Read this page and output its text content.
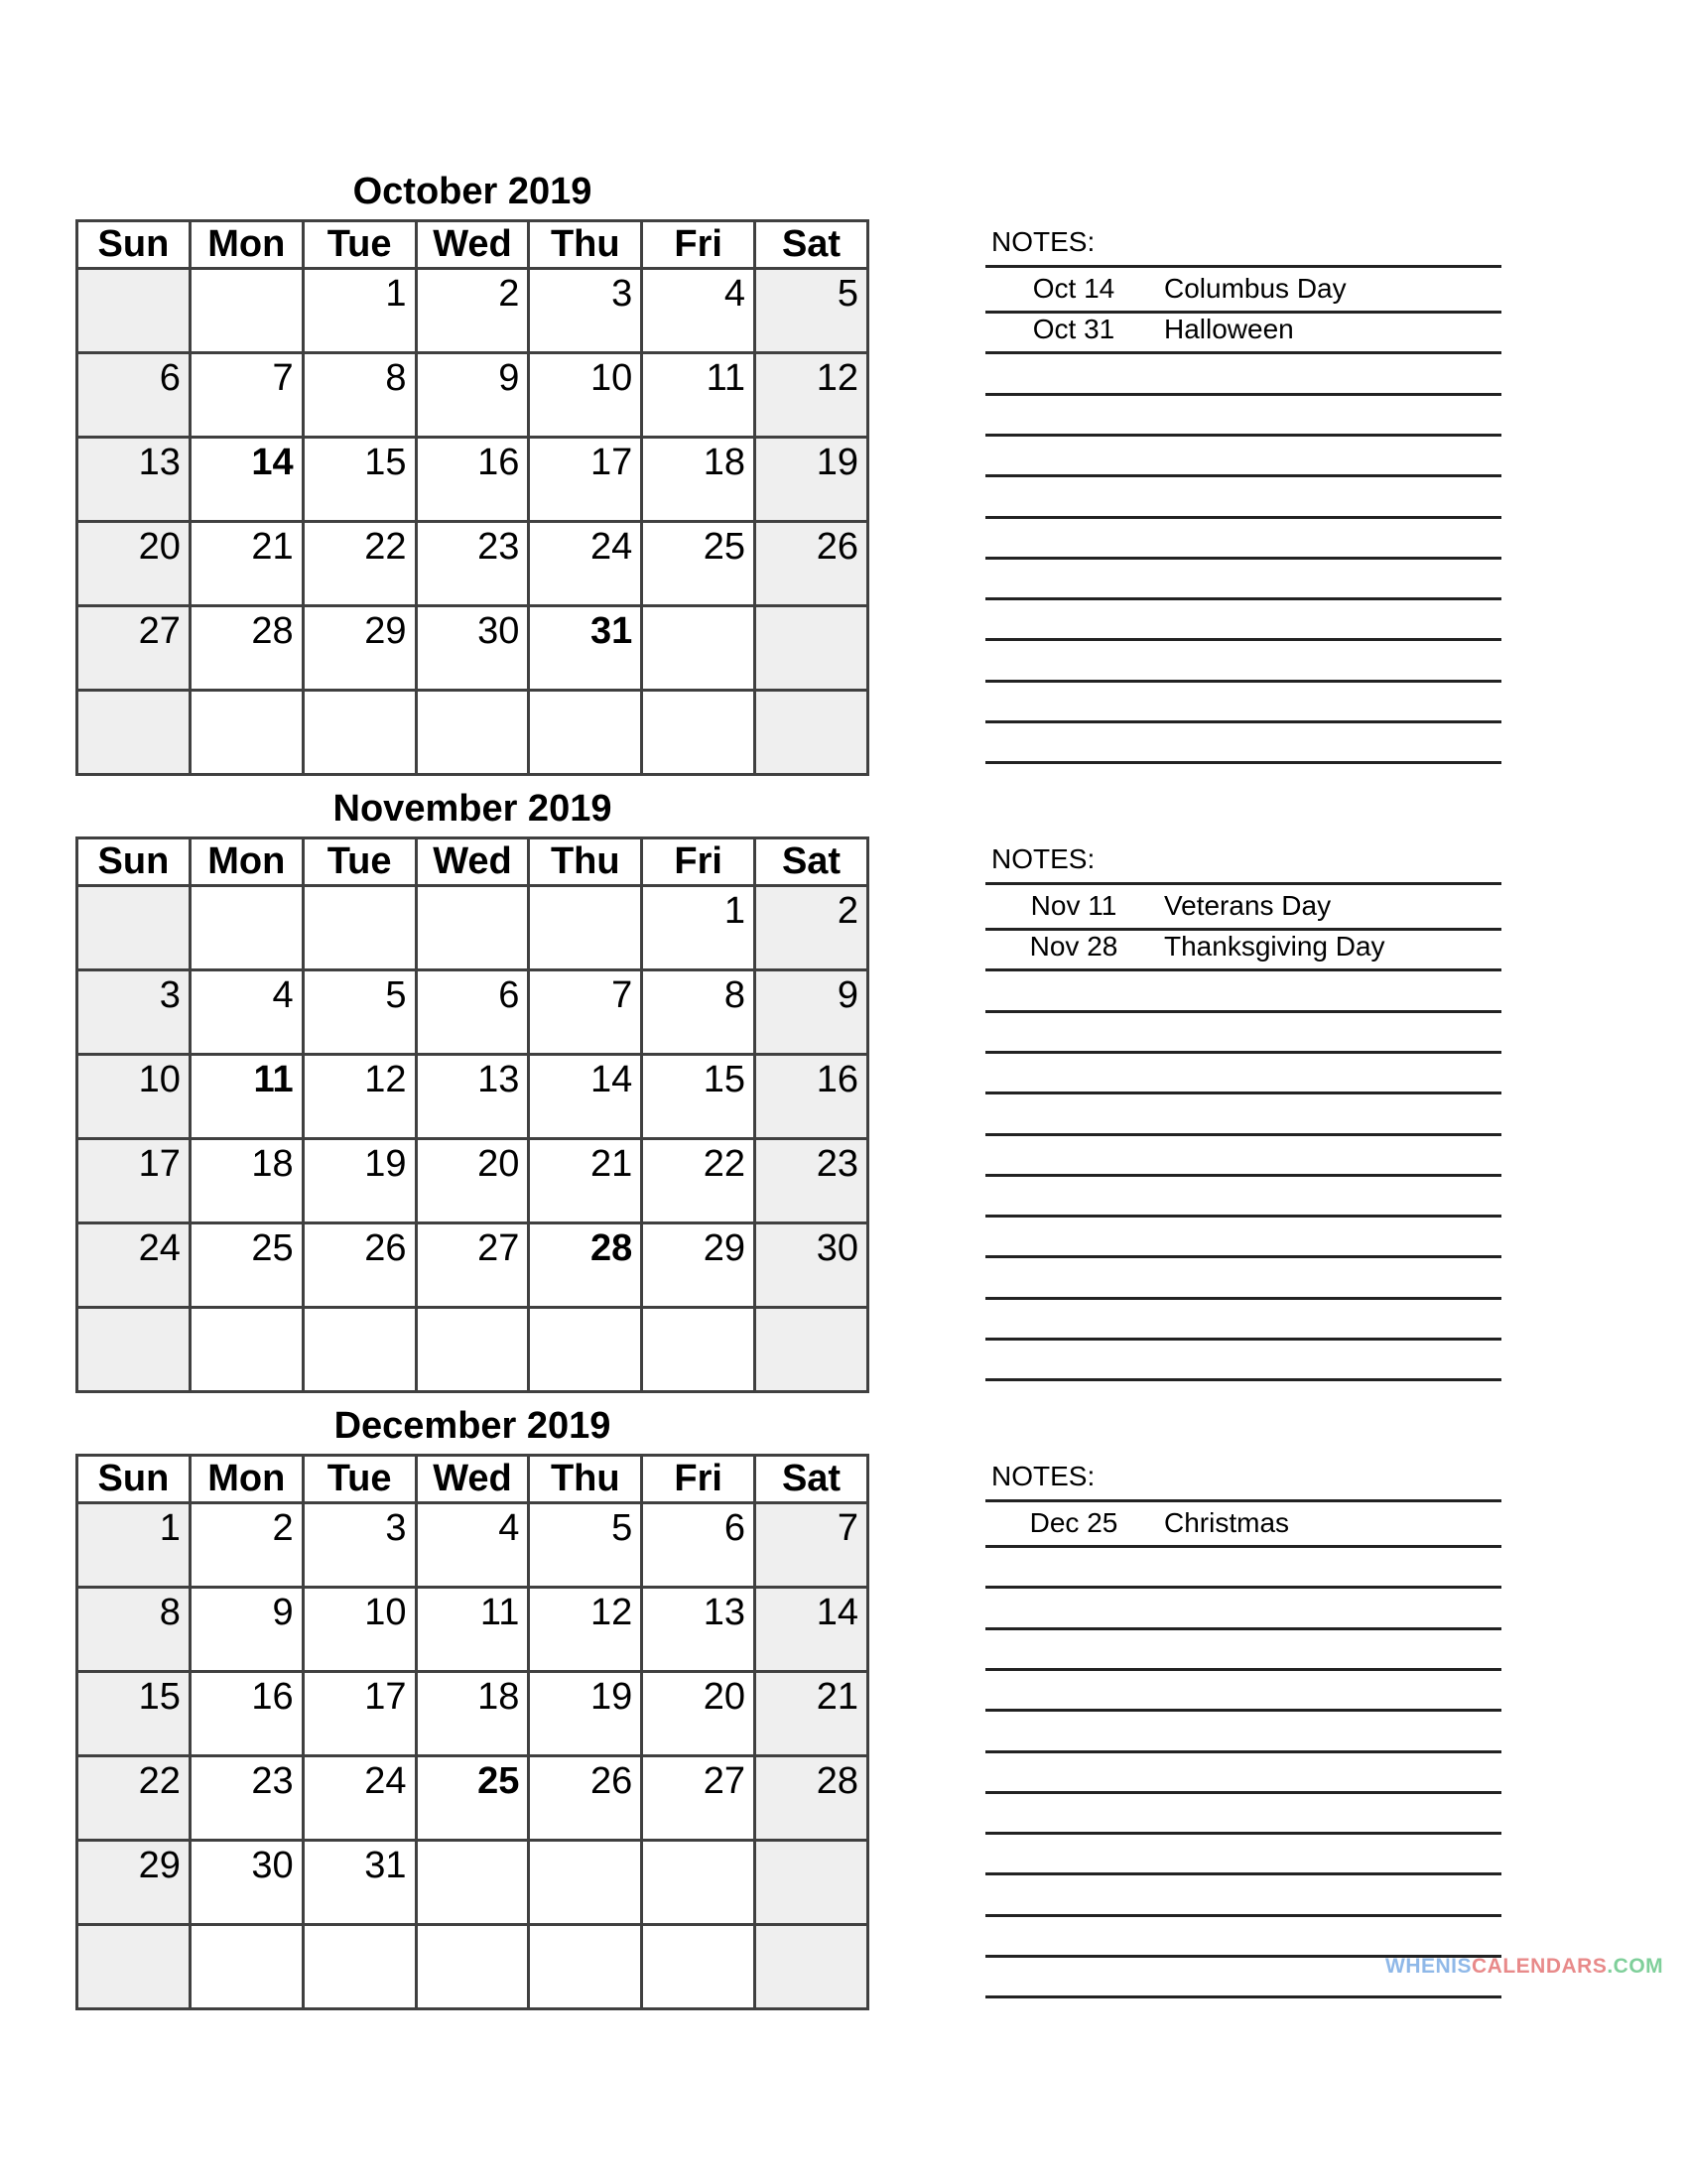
October 2019
Sun	Mon	Tue	Wed	Thu	Fri	Sat
		1	2	3	4	5
6	7	8	9	10	11	12
13	14	15	16	17	18	19
20	21	22	23	24	25	26
27	28	29	30	31		

NOTES:
Oct 14	Columbus Day
Oct 31	Halloween
November 2019
Sun	Mon	Tue	Wed	Thu	Fri	Sat
					1	2
3	4	5	6	7	8	9
10	11	12	13	14	15	16
17	18	19	20	21	22	23
24	25	26	27	28	29	30

NOTES:
Nov 11	Veterans Day
Nov 28	Thanksgiving Day
December 2019
Sun	Mon	Tue	Wed	Thu	Fri	Sat
1	2	3	4	5	6	7
8	9	10	11	12	13	14
15	16	17	18	19	20	21
22	23	24	25	26	27	28
29	30	31				

NOTES:
Dec 25	Christmas
WHENISCALENDARS.COM
